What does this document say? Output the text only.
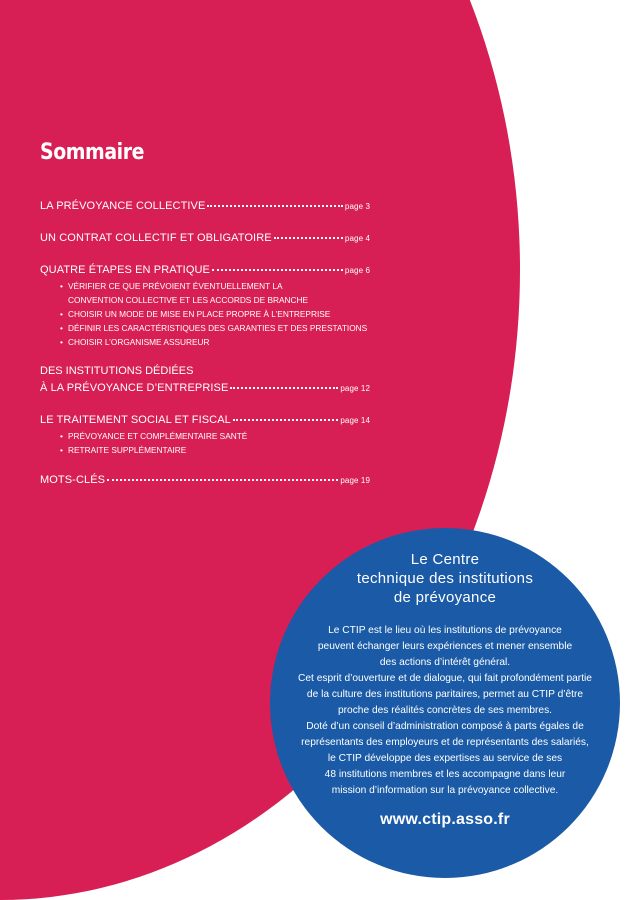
Sommaire
LA PRÉVOYANCE COLLECTIVE	page 3
UN CONTRAT COLLECTIF ET OBLIGATOIRE	page 4
QUATRE ÉTAPES EN PRATIQUE	page 6
• VÉRIFIER CE QUE PRÉVOIENT ÉVENTUELLEMENT LA
CONVENTION COLLECTIVE ET LES ACCORDS DE BRANCHE
• CHOISIR UN MODE DE MISE EN PLACE PROPRE À L’ENTREPRISE
• DÉFINIR LES CARACTÉRISTIQUES DES GARANTIES ET DES PRESTATIONS
• CHOISIR L’ORGANISME ASSUREUR
DES INSTITUTIONS DÉDIÉES
À LA PRÉVOYANCE D’ENTREPRISE	page 12
LE TRAITEMENT SOCIAL ET FISCAL	page 14
• PRÉVOYANCE ET COMPLÉMENTAIRE SANTÉ
• RETRAITE SUPPLÉMENTAIRE
MOTS-CLÉS	page 19
Le Centre
technique des institutions
de prévoyance
Le CTIP est le lieu où les institutions de prévoyance
peuvent échanger leurs expériences et mener ensemble
des actions d’intérêt général.
Cet esprit d’ouverture et de dialogue, qui fait profondément partie
de la culture des institutions paritaires, permet au CTIP d’être
proche des réalités concrètes de ses membres.
Doté d’un conseil d’administration composé à parts égales de
représentants des employeurs et de représentants des salariés,
le CTIP développe des expertises au service de ses
48 institutions membres et les accompagne dans leur
mission d’information sur la prévoyance collective.
www.ctip.asso.fr
